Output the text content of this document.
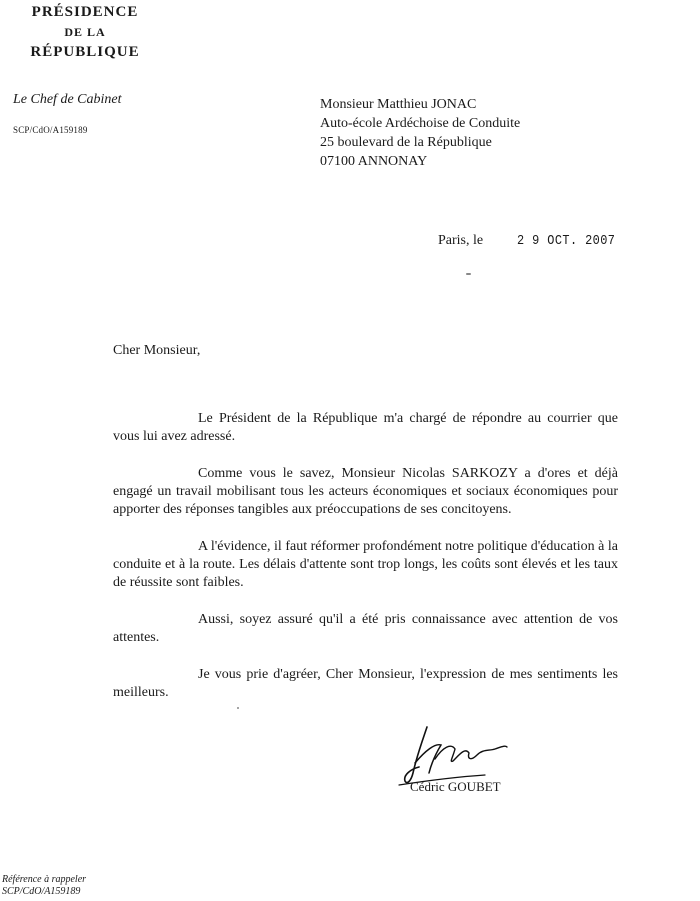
PRÉSIDENCE
DE LA
RÉPUBLIQUE
Le Chef de Cabinet
SCP/CdO/A159189
Monsieur Matthieu JONAC
Auto-école Ardéchoise de Conduite
25 boulevard de la République
07100 ANNONAY
Paris, le 2 9 OCT. 2007
Cher Monsieur,

Le Président de la République m'a chargé de répondre au courrier que vous lui avez adressé.

Comme vous le savez, Monsieur Nicolas SARKOZY a d'ores et déjà engagé un travail mobilisant tous les acteurs économiques et sociaux économiques pour apporter des réponses tangibles aux préoccupations de ses concitoyens.

A l'évidence, il faut réformer profondément notre politique d'éducation à la conduite et à la route. Les délais d'attente sont trop longs, les coûts sont élevés et les taux de réussite sont faibles.

Aussi, soyez assuré qu'il a été pris connaissance avec attention de vos attentes.

Je vous prie d'agréer, Cher Monsieur, l'expression de mes sentiments les meilleurs.

Cédric GOUBET
Référence à rappeler
SCP/CdO/A159189
